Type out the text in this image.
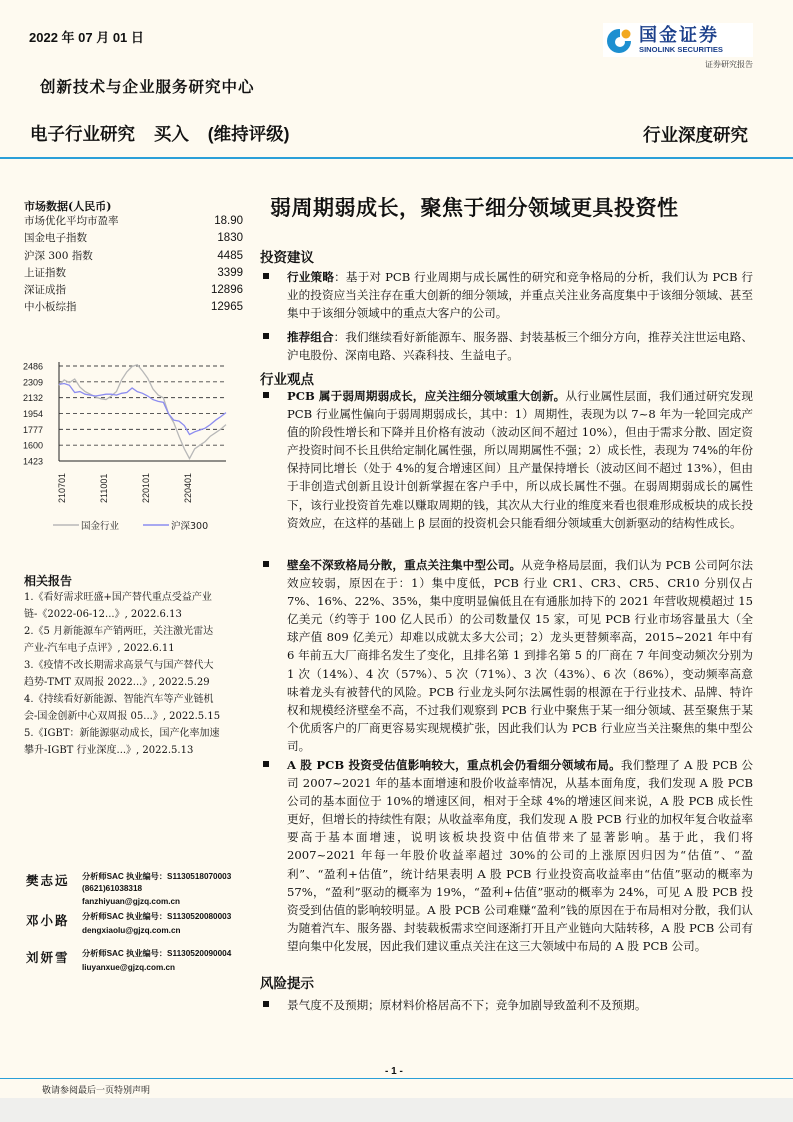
2022 年 07 月 01 日
创新技术与企业服务研究中心
电子行业研究 买入 (维持评级)	行业深度研究
国金证券
SINOLINK SECURITIES
证券研究报告
市场数据(人民币)
市场优化平均市盈率	18.90
国金电子指数	1830
沪深 300 指数	4485
上证指数	3399
深证成指	12896
中小板综指	12965
1423
1600
1777
1954
2132
2309
2486
210701	211001	220101	220401
国金行业	沪深300
相关报告
1.《看好需求旺盛+国产替代重点受益产业
链-《2022-06-12...》, 2022.6.13
2.《5 月新能源车产销两旺，关注激光雷达
产业-汽车电子点评》, 2022.6.11
3.《疫情不改长期需求高景气与国产替代大
趋势-TMT 双周报 2022...》, 2022.5.29
4.《持续看好新能源、智能汽车等产业链机
会-国金创新中心双周报 05...》, 2022.5.15
5.《IGBT：新能源驱动成长，国产化率加速
攀升-IGBT 行业深度...》, 2022.5.13
樊志远 分析师SAC 执业编号：S1130518070003
(8621)61038318
fanzhiyuan@gjzq.com.cn
邓小路 分析师SAC 执业编号：S1130520080003
dengxiaolu@gjzq.com.cn
刘妍雪 分析师SAC 执业编号：S1130520090004
liuyanxue@gjzq.com.cn
弱周期弱成长，聚焦于细分领域更具投资性
投资建议
行业策略：基于对 PCB 行业周期与成长属性的研究和竞争格局的分析，我们认为 PCB 行业的投资应当关注存在重大创新的细分领域，并重点关注业务高度集中于该细分领域、甚至集中于该细分领域中的重点大客户的公司。
推荐组合：我们继续看好新能源车、服务器、封装基板三个细分方向，推荐关注世运电路、沪电股份、深南电路、兴森科技、生益电子。
行业观点
PCB 属于弱周期弱成长，应关注细分领域重大创新。从行业属性层面，我们通过研究发现 PCB 行业属性偏向于弱周期弱成长，其中：1）周期性，表现为以 7~8 年为一轮回完成产值的阶段性增长和下降并且价格有波动（波动区间不超过 10%），但由于需求分散、固定资产投资时间不长且供给定制化属性强，所以周期属性不强；2）成长性，表现为 74%的年份保持同比增长（处于 4%的复合增速区间）且产量保持增长（波动区间不超过 13%），但由于非创造式创新且设计创新掌握在客户手中，所以成长属性不强。在弱周期弱成长的属性下，该行业投资首先难以赚取周期的钱，其次从大行业的维度来看也很难形成板块的成长投资效应，在这样的基础上 β 层面的投资机会只能看细分领域重大创新驱动的结构性成长。
壁垒不深致格局分散，重点关注集中型公司。从竞争格局层面，我们认为 PCB 公司阿尔法效应较弱，原因在于：1）集中度低，PCB 行业 CR1、CR3、CR5、CR10 分别仅占 7%、16%、22%、35%，集中度明显偏低且在有通胀加持下的 2021 年营收规模超过 15 亿美元（约等于 100 亿人民币）的公司数量仅 15 家，可见 PCB 行业市场容量虽大（全球产值 809 亿美元）却难以成就太多大公司；2）龙头更替频率高，2015~2021 年中有 6 年前五大厂商排名发生了变化，且排名第 1 到排名第 5 的厂商在 7 年间变动频次分别为 1 次（14%）、4 次（57%）、5 次（71%）、3 次（43%）、6 次（86%），变动频率高意味着龙头有被替代的风险。PCB 行业龙头阿尔法属性弱的根源在于行业技术、品牌、特许权和规模经济壁垒不高，不过我们观察到 PCB 行业中聚焦于某一细分领域、甚至聚焦于某个优质客户的厂商更容易实现规模扩张，因此我们认为 PCB 行业应当关注聚焦的集中型公司。
A 股 PCB 投资受估值影响较大，重点机会仍看细分领域布局。我们整理了 A 股 PCB 公司 2007~2021 年的基本面增速和股价收益率情况，从基本面角度，我们发现 A 股 PCB 公司的基本面位于 10%的增速区间，相对于全球 4%的增速区间来说，A 股 PCB 成长性更好，但增长的持续性有限；从收益率角度，我们发现 A 股 PCB 行业的加权年复合收益率要高于基本面增速，说明该板块投资中估值带来了显著影响。基于此，我们将 2007~2021 年每一年股价收益率超过 30%的公司的上涨原因归因为“估值”、“盈利”、“盈利+估值”，统计结果表明 A 股 PCB 行业投资高收益率由“估值”驱动的概率为 57%，“盈利”驱动的概率为 19%，“盈利+估值”驱动的概率为 24%，可见 A 股 PCB 投资受到估值的影响较明显。A 股 PCB 公司难赚“盈利”钱的原因在于布局相对分散，我们认为随着汽车、服务器、封装载板需求空间逐渐打开且产业链向大陆转移，A 股 PCB 公司有望向集中化发展，因此我们建议重点关注在这三大领域中布局的 A 股 PCB 公司。
风险提示
景气度不及预期；原材料价格居高不下；竞争加剧导致盈利不及预期。
- 1 -
敬请参阅最后一页特别声明
